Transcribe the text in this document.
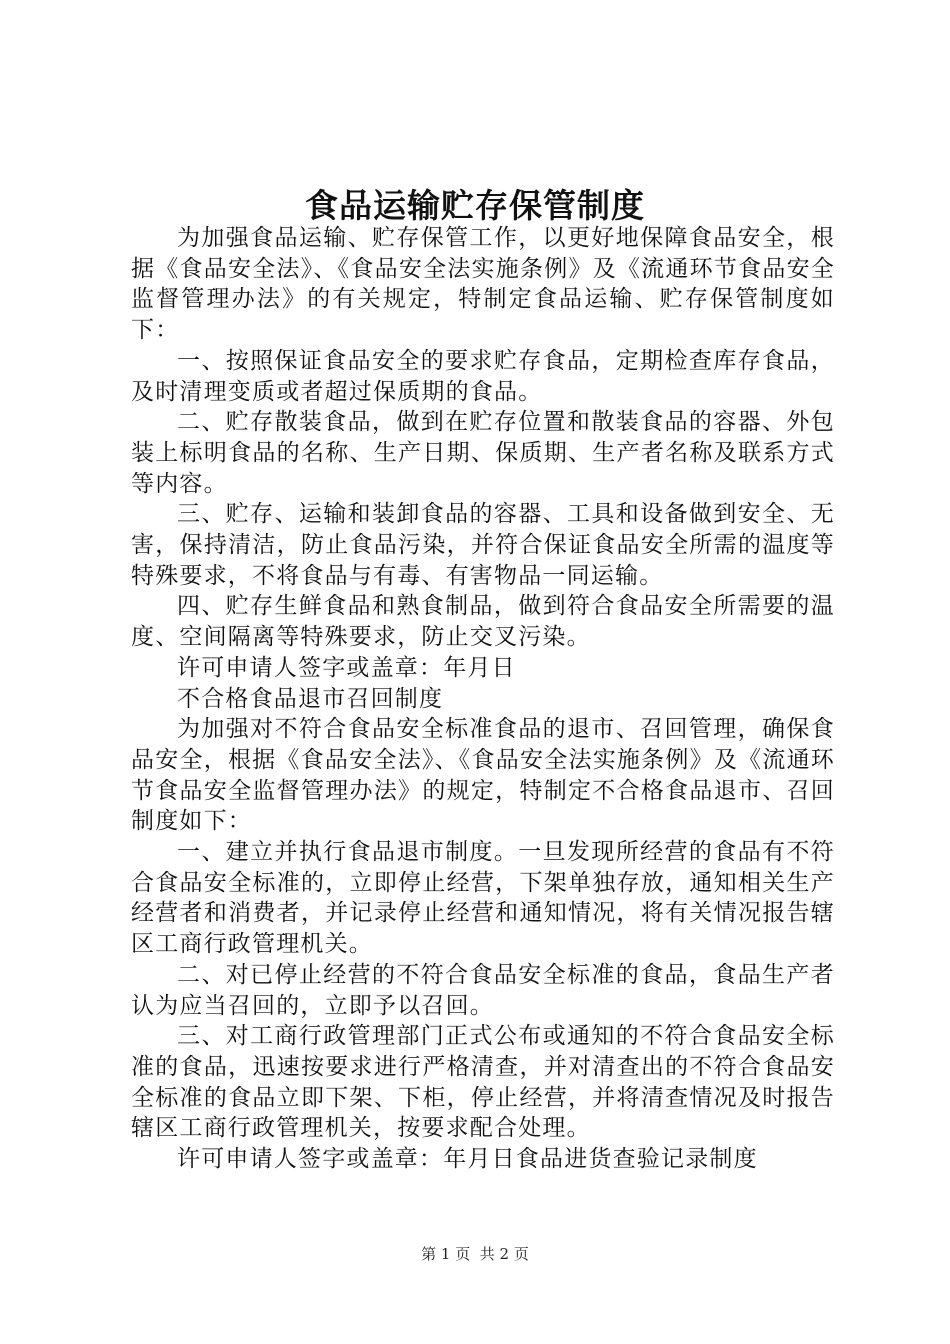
食品运输贮存保管制度

为加强食品运输、贮存保管工作，以更好地保障食品安全，根据《食品安全法》、《食品安全法实施条例》及《流通环节食品安全监督管理办法》的有关规定，特制定食品运输、贮存保管制度如下：

一、按照保证食品安全的要求贮存食品，定期检查库存食品，及时清理变质或者超过保质期的食品。

二、贮存散装食品，做到在贮存位置和散装食品的容器、外包装上标明食品的名称、生产日期、保质期、生产者名称及联系方式等内容。

三、贮存、运输和装卸食品的容器、工具和设备做到安全、无害，保持清洁，防止食品污染，并符合保证食品安全所需的温度等特殊要求，不将食品与有毒、有害物品一同运输。

四、贮存生鲜食品和熟食制品，做到符合食品安全所需要的温度、空间隔离等特殊要求，防止交叉污染。

许可申请人签字或盖章：年月日

不合格食品退市召回制度

为加强对不符合食品安全标准食品的退市、召回管理，确保食品安全，根据《食品安全法》、《食品安全法实施条例》及《流通环节食品安全监督管理办法》的规定，特制定不合格食品退市、召回制度如下：

一、建立并执行食品退市制度。一旦发现所经营的食品有不符合食品安全标准的，立即停止经营，下架单独存放，通知相关生产经营者和消费者，并记录停止经营和通知情况，将有关情况报告辖区工商行政管理机关。

二、对已停止经营的不符合食品安全标准的食品，食品生产者认为应当召回的，立即予以召回。

三、对工商行政管理部门正式公布或通知的不符合食品安全标准的食品，迅速按要求进行严格清查，并对清查出的不符合食品安全标准的食品立即下架、下柜，停止经营，并将清查情况及时报告辖区工商行政管理机关，按要求配合处理。

许可申请人签字或盖章：年月日食品进货查验记录制度

第 1 页  共 2 页
